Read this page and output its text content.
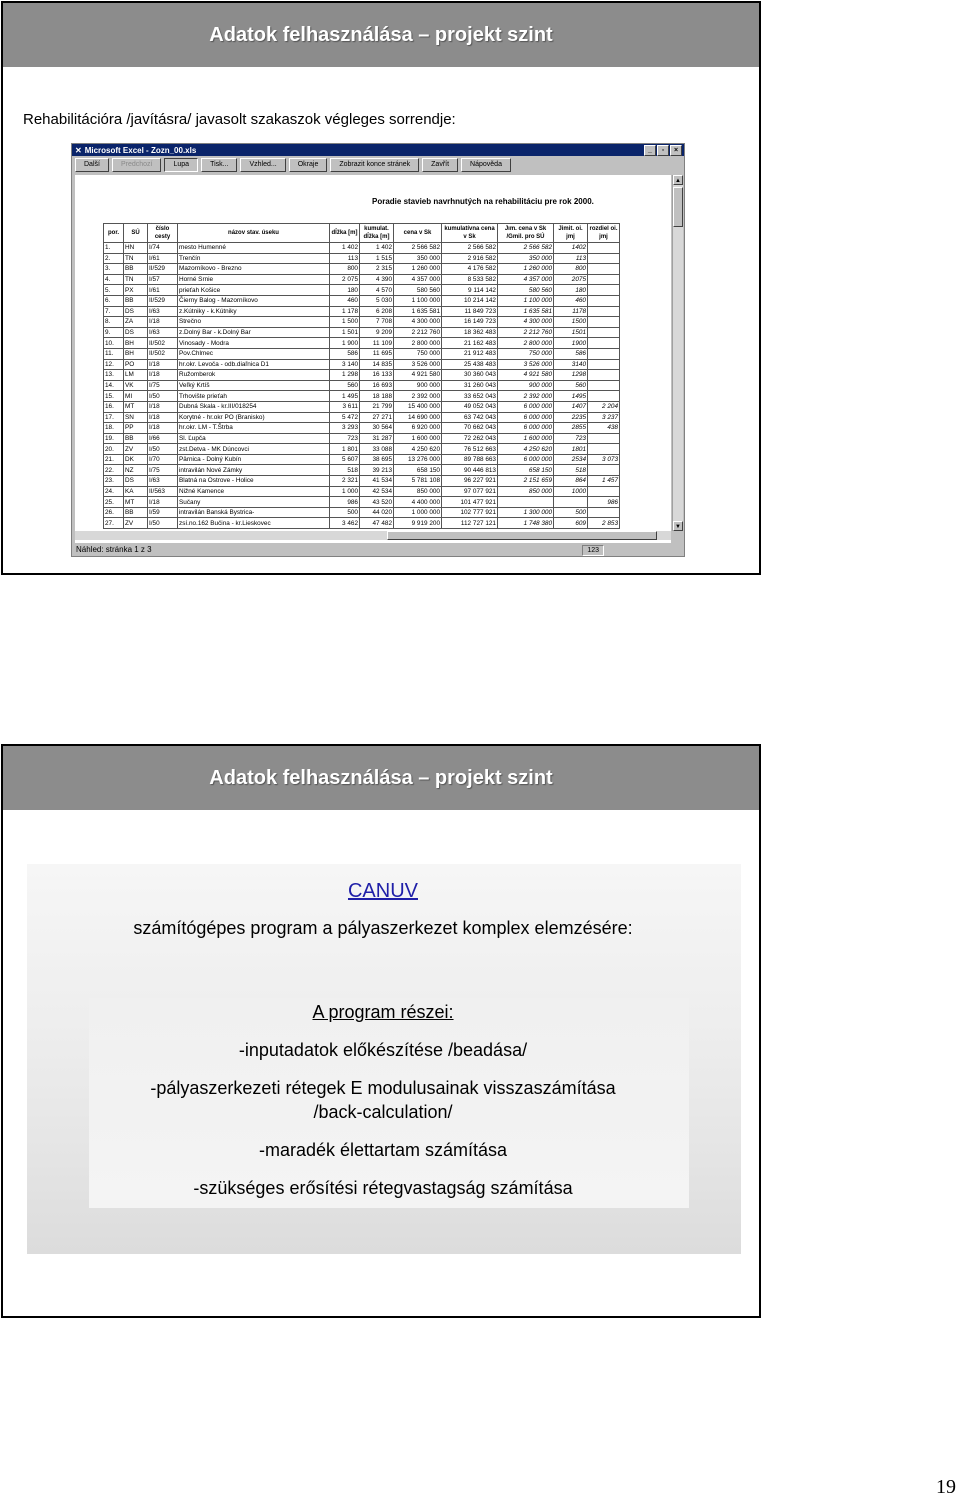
Adatok felhasználása – projekt szint
Rehabilitációra /javításra/ javasolt szakaszok végleges sorrendje:
✕ Microsoft Excel - Zozn_00.xls	_	▫	×
Další	Predchozí	Lupa	Tisk...	Vzhled...	Okraje	Zobrazit konce stránek	Zavřít	Nápověda
Poradie stavieb navrhnutých na rehabilitáciu pre rok 2000.
por.	SÚ	číslo cesty	názov stav. úseku	dĺžka [m]	kumulat. dĺžka [m]	cena v Sk	kumulatívna cena v Sk	Jım. cena v Sk /Gmil. pro SÚ	Jimit. oi. jmj	rozdiel oi. jmj
1.	HN	I/74	mesto Humenné	1 402	1 402	2 566 582	2 566 582	2 566 582	1402	
2.	TN	I/61	Trenčín	113	1 515	350 000	2 916 582	350 000	113	
3.	BB	II/529	Mazorníkovo - Brezno	800	2 315	1 260 000	4 176 582	1 260 000	800	
4.	TN	I/57	Horné Srnie	2 075	4 390	4 357 000	8 533 582	4 357 000	2075	
5.	PX	I/61	prieťah Košice	180	4 570	580 560	9 114 142	580 560	180	
6.	BB	II/529	Čierny Balog - Mazorníkovo	460	5 030	1 100 000	10 214 142	1 100 000	460	
7.	DS	I/63	z.Kútniky - k.Kútniky	1 178	6 208	1 635 581	11 849 723	1 635 581	1178	
8.	ZA	I/18	Strečno	1 500	7 708	4 300 000	16 149 723	4 300 000	1500	
9.	DS	I/63	z.Dolný Bar - k.Dolný Bar	1 501	9 209	2 212 760	18 362 483	2 212 760	1501	
10.	BH	II/502	Vinosady - Modra	1 900	11 109	2 800 000	21 162 483	2 800 000	1900	
11.	BH	II/502	Pov.Chlmec	586	11 695	750 000	21 912 483	750 000	586	
12.	PO	I/18	hr.okr. Levoča - odb.diaľnica D1	3 140	14 835	3 526 000	25 438 483	3 526 000	3140	
13.	LM	I/18	Ružomberok	1 298	16 133	4 921 580	30 360 043	4 921 580	1298	
14.	VK	I/75	Veľký Krtíš	560	16 693	900 000	31 260 043	900 000	560	
15.	MI	I/50	Trhovište prieťah	1 495	18 188	2 392 000	33 652 043	2 392 000	1495	
16.	MT	I/18	Dubná Skala - kr.III/018254	3 611	21 799	15 400 000	49 052 043	6 000 000	1407	2 204
17.	SN	I/18	Korytné - hr.okr PO (Branisko)	5 472	27 271	14 690 000	63 742 043	6 000 000	2235	3 237
18.	PP	I/18	hr.okr. LM - T.Štrba	3 293	30 564	6 920 000	70 662 043	6 000 000	2855	438
19.	BB	I/66	Sl. Ľupča	723	31 287	1 600 000	72 262 043	1 600 000	723	
20.	ZV	I/50	zst.Detva - MK Dúncovci	1 801	33 088	4 250 620	76 512 663	4 250 620	1801	
21.	DK	I/70	Pärnica - Dolný Kubín	5 607	38 695	13 276 000	89 788 663	6 000 000	2534	3 073
22.	NZ	I/75	intravilán Nové Zámky	518	39 213	658 150	90 446 813	658 150	518	
23.	DS	I/63	Blatná na Ostrove - Holice	2 321	41 534	5 781 108	96 227 921	2 151 659	864	1 457
24.	KA	II/563	Nižné Kamence	1 000	42 534	850 000	97 077 921	850 000	1000	
25.	MT	I/18	Sučany	986	43 520	4 400 000	101 477 921			986
26.	BB	I/59	intravilán Banská Bystrica-	500	44 020	1 000 000	102 777 921	1 300 000	500	
27.	ZV	I/50	zsí.no.162 Bučina - kr.Lieskovec	3 462	47 482	9 919 200	112 727 121	1 748 380	609	2 853
▲
▼
Náhled: stránka 1 z 3	123
Adatok felhasználása – projekt szint
CANUV
számítógépes program a pályaszerkezet komplex elemzésére:
A program részei:
-inputadatok előkészítése /beadása/
-pályaszerkezeti rétegek E modulusainak visszaszámítása
/back-calculation/
-maradék élettartam számítása
-szükséges erősítési rétegvastagság számítása
19
